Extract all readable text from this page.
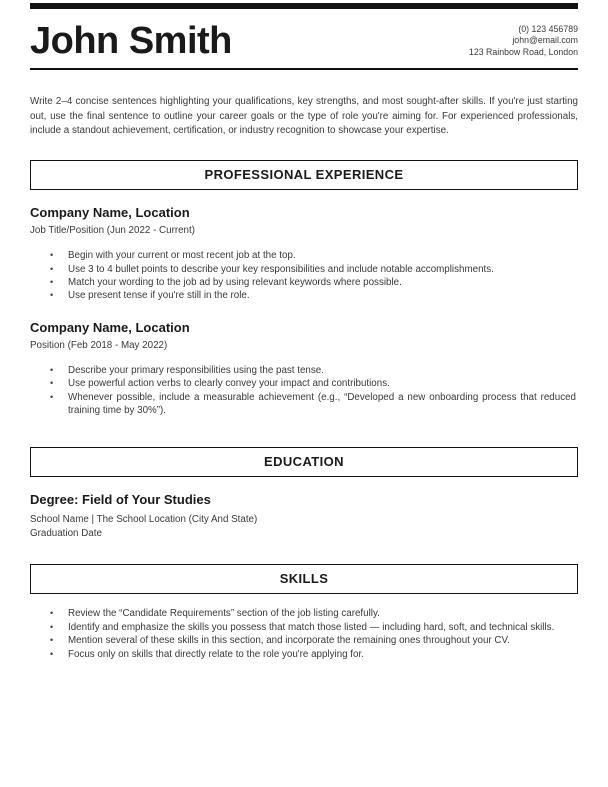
John Smith	(0) 123 456789
john@email.com
123 Rainbow Road, London

Write 2–4 concise sentences highlighting your qualifications, key strengths, and most sought-after skills. If you're just starting out, use the final sentence to outline your career goals or the type of role you're aiming for. For experienced professionals, include a standout achievement, certification, or industry recognition to showcase your expertise.

PROFESSIONAL EXPERIENCE
Company Name, Location

Job Title/Position (Jun 2022 - Current)

• Begin with your current or most recent job at the top.
• Use 3 to 4 bullet points to describe your key responsibilities and include notable accomplishments.
• Match your wording to the job ad by using relevant keywords where possible.
• Use present tense if you're still in the role.
Company Name, Location

Position (Feb 2018 - May 2022)

• Describe your primary responsibilities using the past tense.
• Use powerful action verbs to clearly convey your impact and contributions.
• Whenever possible, include a measurable achievement (e.g., “Developed a new onboarding process that reduced training time by 30%”).
EDUCATION
Degree: Field of Your Studies

School Name | The School Location (City And State)

Graduation Date

SKILLS
• Review the “Candidate Requirements” section of the job listing carefully.
• Identify and emphasize the skills you possess that match those listed — including hard, soft, and technical skills.
• Mention several of these skills in this section, and incorporate the remaining ones throughout your CV.
• Focus only on skills that directly relate to the role you're applying for.
